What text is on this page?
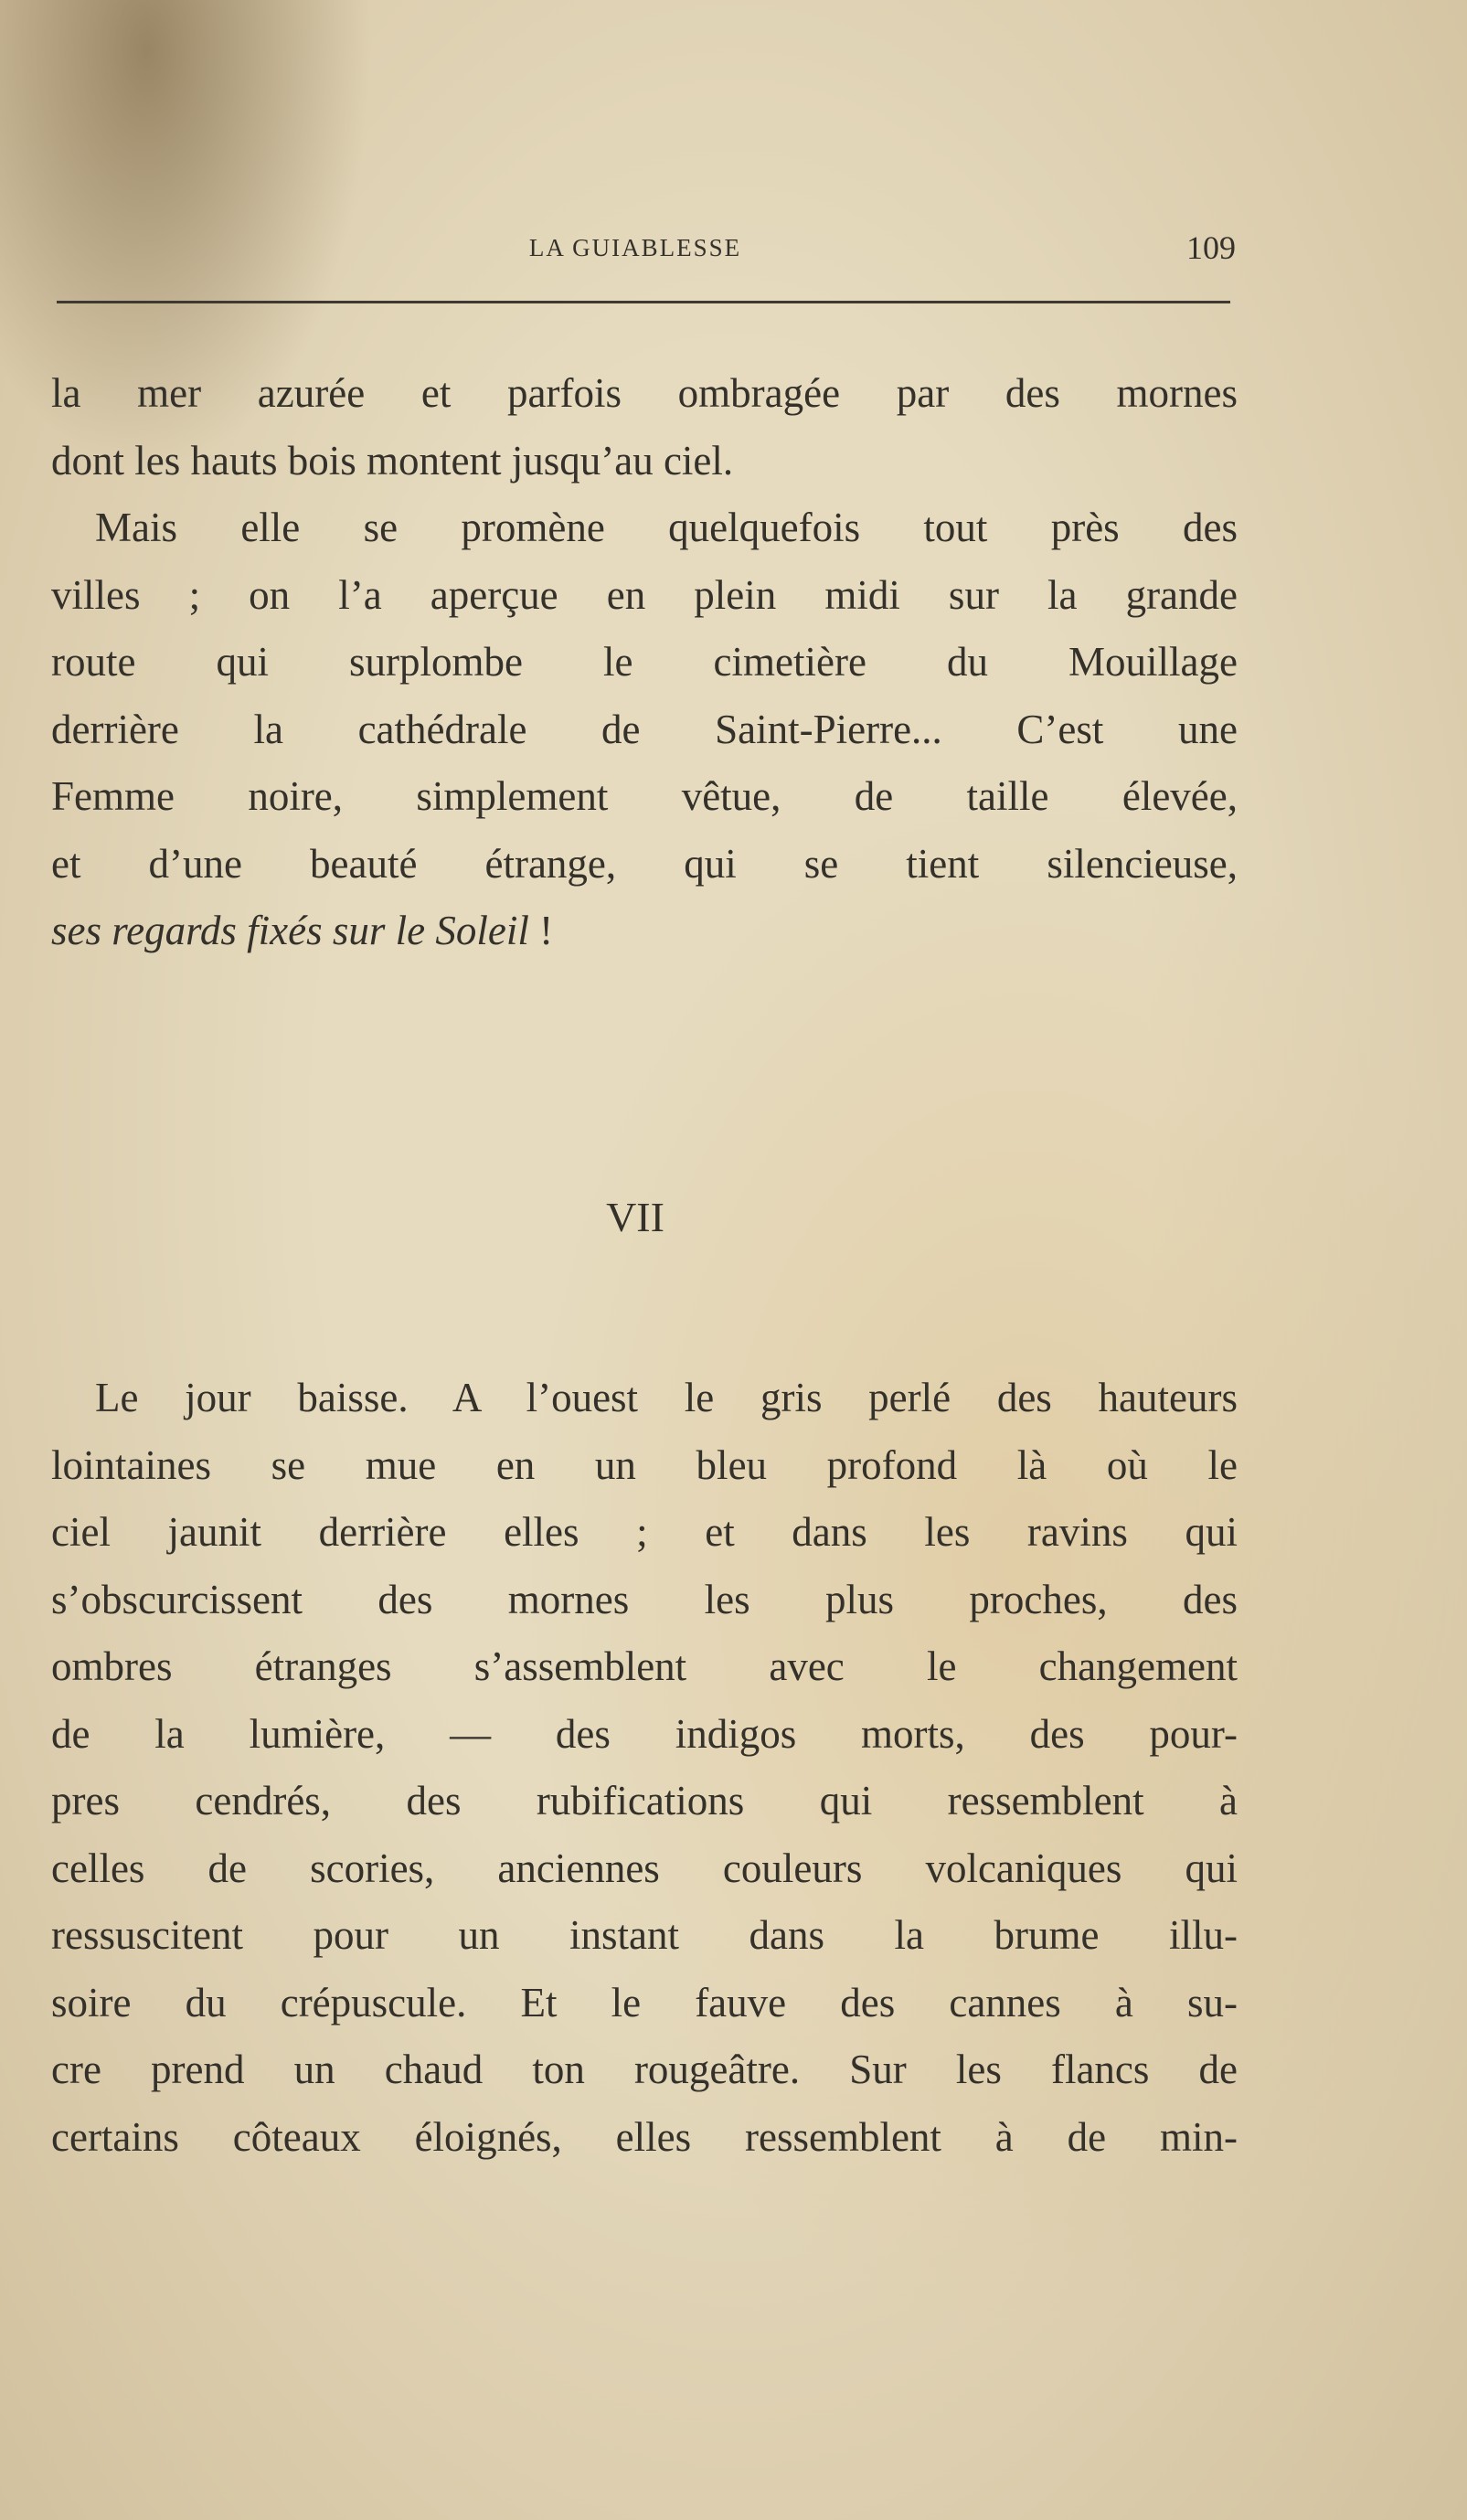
LA GUIABLESSE	109
la mer azurée et parfois ombragée par des mornes
dont les hauts bois montent jusqu’au ciel.
Mais elle se promène quelquefois tout près des
villes ; on l’a aperçue en plein midi sur la grande
route qui surplombe le cimetière du Mouillage
derrière la cathédrale de Saint-Pierre... C’est une
Femme noire, simplement vêtue, de taille élevée,
et d’une beauté étrange, qui se tient silencieuse,
ses regards fixés sur le Soleil !
VII
Le jour baisse. A l’ouest le gris perlé des hauteurs
lointaines se mue en un bleu profond là où le
ciel jaunit derrière elles ; et dans les ravins qui
s’obscurcissent des mornes les plus proches, des
ombres étranges s’assemblent avec le changement
de la lumière, — des indigos morts, des pour-
pres cendrés, des rubifications qui ressemblent à
celles de scories, anciennes couleurs volcaniques qui
ressuscitent pour un instant dans la brume illu-
soire du crépuscule. Et le fauve des cannes à su-
cre prend un chaud ton rougeâtre. Sur les flancs de
certains côteaux éloignés, elles ressemblent à de min-
